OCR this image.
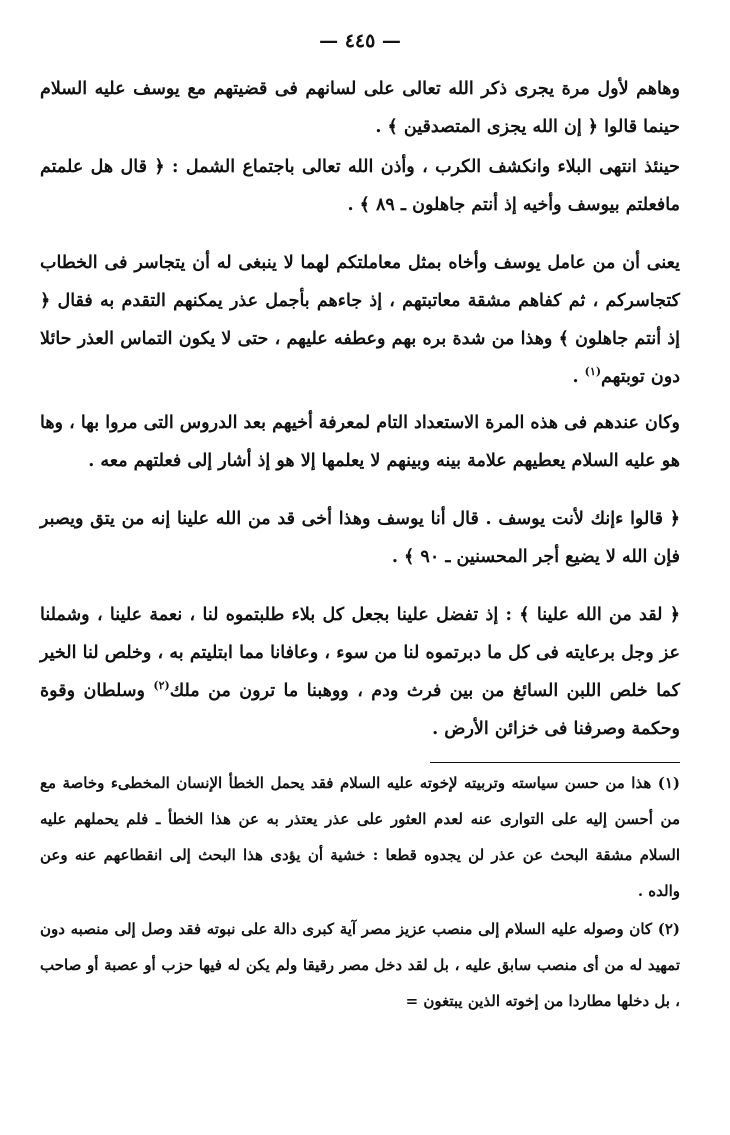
— ٤٤٥ —
وهاهم لأول مرة يجرى ذكر الله تعالى على لسانهم فى قضيتهم مع يوسف عليه السلام حينما قالوا ﴿ إن الله يجزى المتصدقين ﴾ .
حينئذ انتهى البلاء وانكشف الكرب ، وأذن الله تعالى باجتماع الشمل : ﴿ قال هل علمتم مافعلتم بيوسف وأخيه إذ أنتم جاهلون ـ ٨٩ ﴾ .
يعنى أن من عامل يوسف وأخاه بمثل معاملتكم لهما لا ينبغى له أن يتجاسر فى الخطاب كتجاسركم ، ثم كفاهم مشقة معاتبتهم ، إذ جاءهم بأجمل عذر يمكنهم التقدم به فقال ﴿ إذ أنتم جاهلون ﴾ وهذا من شدة بره بهم وعطفه عليهم ، حتى لا يكون التماس العذر حائلا دون توبتهم$^{(١)}$ .
وكان عندهم فى هذه المرة الاستعداد التام لمعرفة أخيهم بعد الدروس التى مروا بها ، وها هو عليه السلام يعطيهم علامة بينه وبينهم لا يعلمها إلا هو إذ أشار إلى فعلتهم معه .
﴿ قالوا ءإنك لأنت يوسف . قال أنا يوسف وهذا أخى قد من الله علينا إنه من يتق ويصبر فإن الله لا يضيع أجر المحسنين ـ ٩٠ ﴾ .
﴿ لقد من الله علينا ﴾ : إذ تفضل علينا بجعل كل بلاء طلبتموه لنا ، نعمة علينا ، وشملنا عز وجل برعايته فى كل ما دبرتموه لنا من سوء ، وعافانا مما ابتليتم به ، وخلص لنا الخير كما خلص اللبن السائغ من بين فرث ودم ، ووهبنا ما ترون من ملك$^{(٢)}$ وسلطان وقوة وحكمة وصرفنا فى خزائن الأرض .
(١) هذا من حسن سياسته وتربيته لإخوته عليه السلام فقد يحمل الخطأ الإنسان المخطىء وخاصة مع من أحسن إليه على التوارى عنه لعدم العثور على عذر يعتذر به عن هذا الخطأ ـ فلم يحملهم عليه السلام مشقة البحث عن عذر لن يجدوه قطعا : خشية أن يؤدى هذا البحث إلى انقطاعهم عنه وعن والده .
(٢) كان وصوله عليه السلام إلى منصب عزيز مصر آية كبرى دالة على نبوته فقد وصل إلى منصبه دون تمهيد له من أى منصب سابق عليه ، بل لقد دخل مصر رقيقا ولم يكن له فيها حزب أو عصبة أو صاحب ، بل دخلها مطاردا من إخوته الذين يبتغون =
